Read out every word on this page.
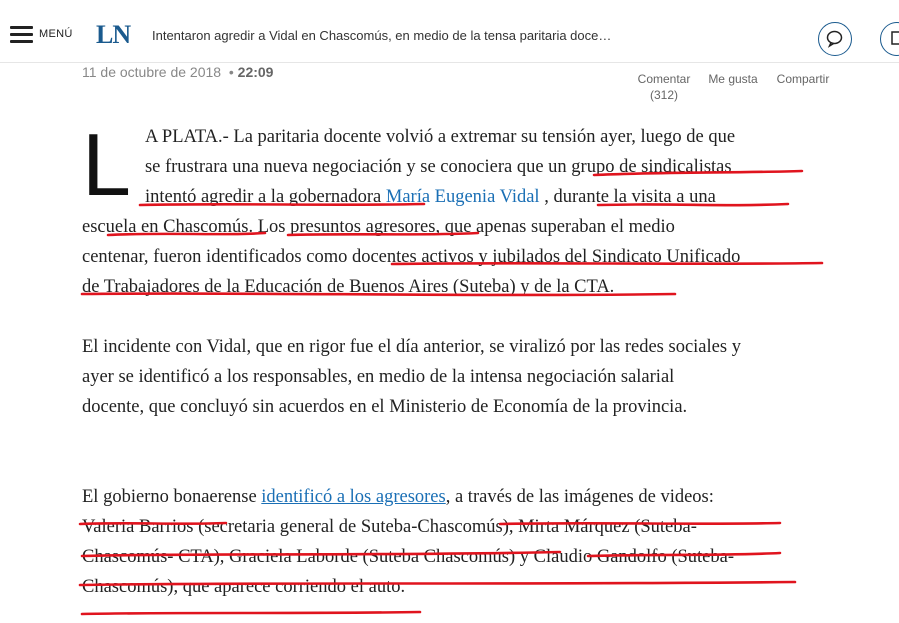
MENÚ LN Intentaron agredir a Vidal en Chascomús, en medio de la tensa paritaria doce…
11 de octubre de 2018  • 22:09	Comentar
(312)
Me gusta	Compartir
L A PLATA.- La paritaria docente volvió a extremar su tensión ayer, luego de que
se frustrara una nueva negociación y se conociera que un grupo de sindicalistas
intentó agredir a la gobernadora María Eugenia Vidal , durante la visita a una
escuela en Chascomús. Los presuntos agresores, que apenas superaban el medio
centenar, fueron identificados como docentes activos y jubilados del Sindicato Unificado
de Trabajadores de la Educación de Buenos Aires (Suteba) y de la CTA.
El incidente con Vidal, que en rigor fue el día anterior, se viralizó por las redes sociales y
ayer se identificó a los responsables, en medio de la intensa negociación salarial
docente, que concluyó sin acuerdos en el Ministerio de Economía de la provincia.
El gobierno bonaerense identificó a los agresores, a través de las imágenes de videos:
Valeria Barrios (secretaria general de Suteba-Chascomús), Mirta Márquez (Suteba-
Chascomús- CTA), Graciela Laborde (Suteba Chascomús) y Claudio Gandolfo (Suteba-
Chascomús), que aparece corriendo el auto.
